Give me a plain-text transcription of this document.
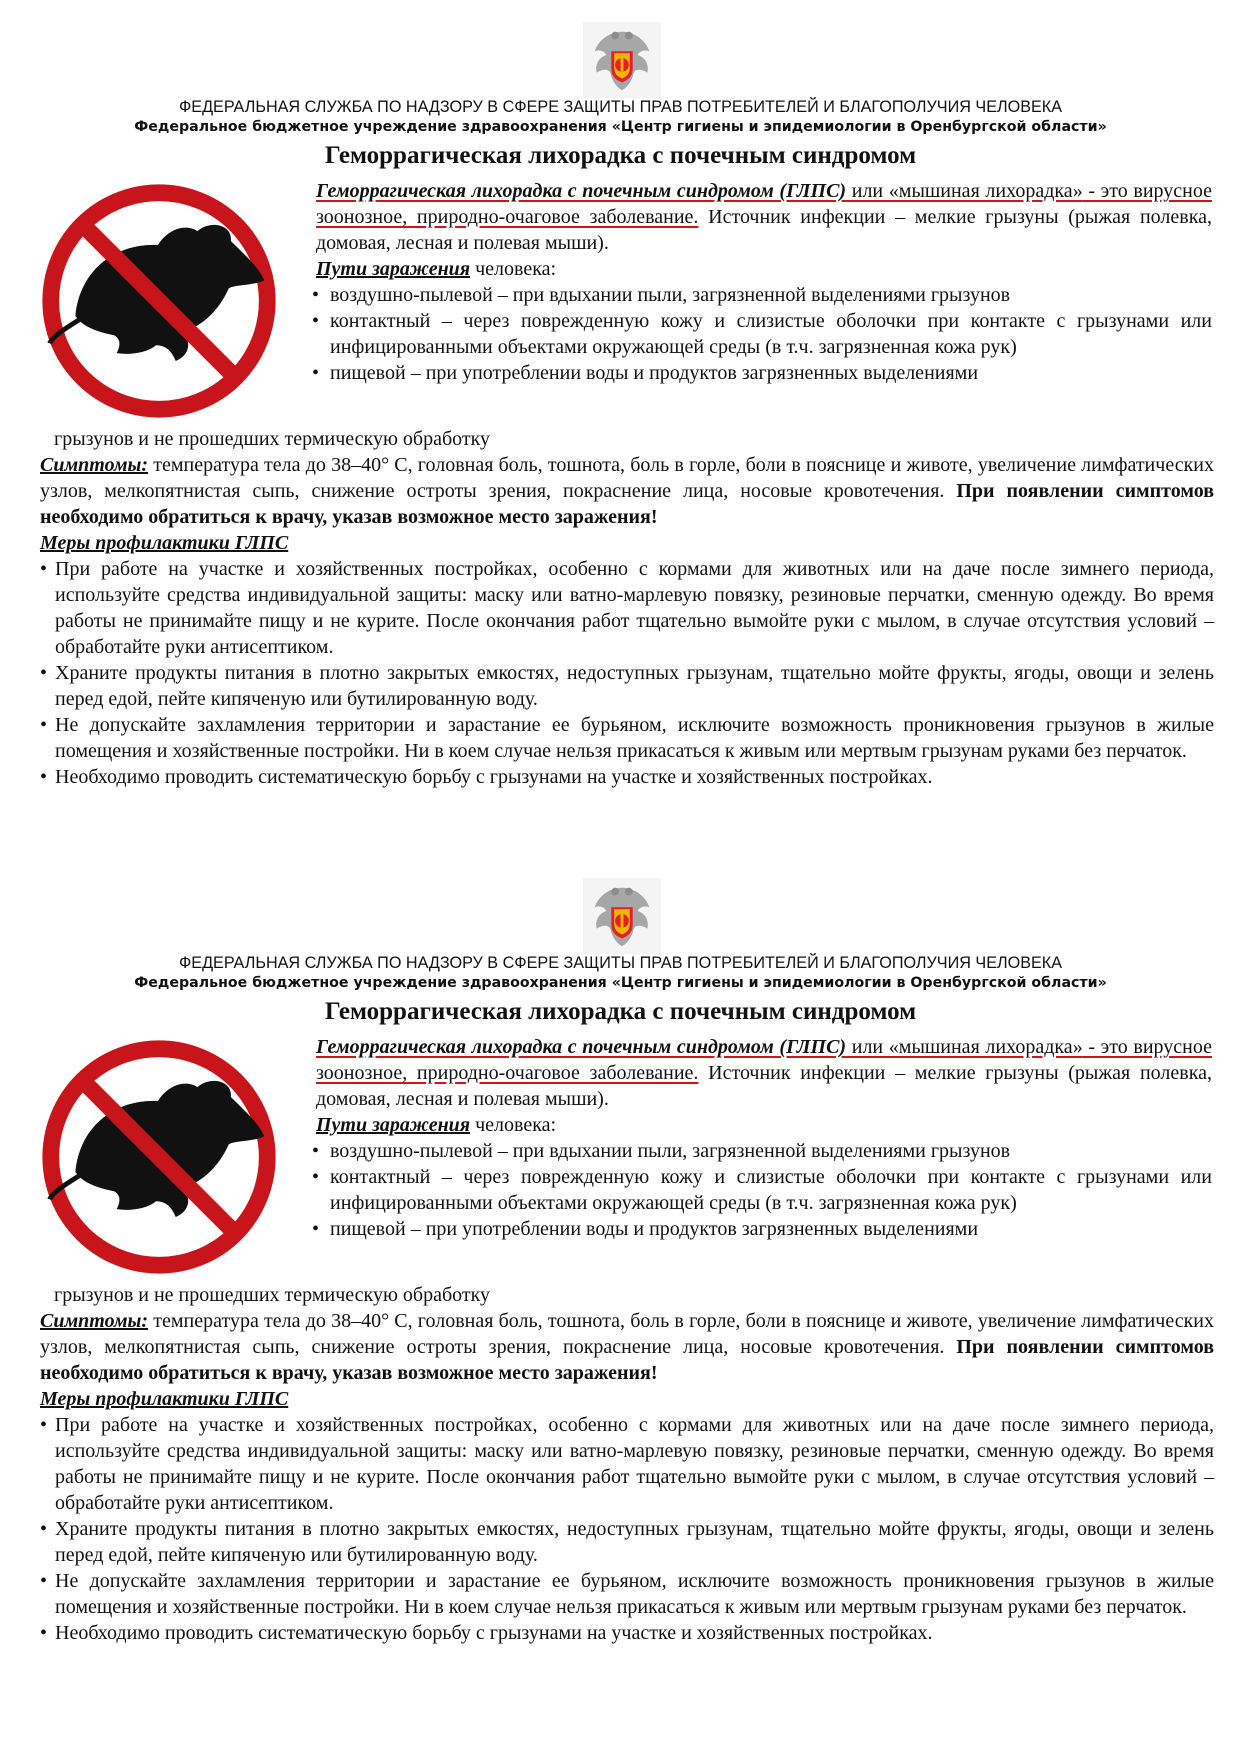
ФЕДЕРАЛЬНАЯ СЛУЖБА ПО НАДЗОРУ В СФЕРЕ ЗАЩИТЫ ПРАВ ПОТРЕБИТЕЛЕЙ И БЛАГОПОЛУЧИЯ ЧЕЛОВЕКА
Федеральное бюджетное учреждение здравоохранения «Центр гигиены и эпидемиологии в Оренбургской области»
Геморрагическая лихорадка с почечным синдромом

Геморрагическая лихорадка с почечным синдромом (ГЛПС) или «мышиная лихорадка» - это вирусное зоонозное, природно-очаговое заболевание. Источник инфекции – мелкие грызуны (рыжая полевка, домовая, лесная и полевая мыши).

Пути заражения человека:

• воздушно-пылевой – при вдыхании пыли, загрязненной выделениями грызунов
• контактный – через поврежденную кожу и слизистые оболочки при контакте с грызунами или инфицированными объектами окружающей среды (в т.ч. загрязненная кожа рук)
• пищевой – при употреблении воды и продуктов загрязненных выделениями
грызунов и не прошедших термическую обработку

Симптомы: температура тела до 38–40° С, головная боль, тошнота, боль в горле, боли в пояснице и животе, увеличение лимфатических узлов, мелкопятнистая сыпь, снижение остроты зрения, покраснение лица, носовые кровотечения. При появлении симптомов необходимо обратиться к врачу, указав возможное место заражения!

Меры профилактики ГЛПС

• При работе на участке и хозяйственных постройках, особенно с кормами для животных или на даче после зимнего периода, используйте средства индивидуальной защиты: маску или ватно-марлевую повязку, резиновые перчатки, сменную одежду. Во время работы не принимайте пищу и не курите. После окончания работ тщательно вымойте руки с мылом, в случае отсутствия условий – обработайте руки антисептиком.
• Храните продукты питания в плотно закрытых емкостях, недоступных грызунам, тщательно мойте фрукты, ягоды, овощи и зелень перед едой, пейте кипяченую или бутилированную воду.
• Не допускайте захламления территории и зарастание ее бурьяном, исключите возможность проникновения грызунов в жилые помещения и хозяйственные постройки. Ни в коем случае нельзя прикасаться к живым или мертвым грызунам руками без перчаток.
• Необходимо проводить систематическую борьбу с грызунами на участке и хозяйственных постройках.
ФЕДЕРАЛЬНАЯ СЛУЖБА ПО НАДЗОРУ В СФЕРЕ ЗАЩИТЫ ПРАВ ПОТРЕБИТЕЛЕЙ И БЛАГОПОЛУЧИЯ ЧЕЛОВЕКА
Федеральное бюджетное учреждение здравоохранения «Центр гигиены и эпидемиологии в Оренбургской области»
Геморрагическая лихорадка с почечным синдромом

Геморрагическая лихорадка с почечным синдромом (ГЛПС) или «мышиная лихорадка» - это вирусное зоонозное, природно-очаговое заболевание. Источник инфекции – мелкие грызуны (рыжая полевка, домовая, лесная и полевая мыши).

Пути заражения человека:

• воздушно-пылевой – при вдыхании пыли, загрязненной выделениями грызунов
• контактный – через поврежденную кожу и слизистые оболочки при контакте с грызунами или инфицированными объектами окружающей среды (в т.ч. загрязненная кожа рук)
• пищевой – при употреблении воды и продуктов загрязненных выделениями
грызунов и не прошедших термическую обработку

Симптомы: температура тела до 38–40° С, головная боль, тошнота, боль в горле, боли в пояснице и животе, увеличение лимфатических узлов, мелкопятнистая сыпь, снижение остроты зрения, покраснение лица, носовые кровотечения. При появлении симптомов необходимо обратиться к врачу, указав возможное место заражения!

Меры профилактики ГЛПС

• При работе на участке и хозяйственных постройках, особенно с кормами для животных или на даче после зимнего периода, используйте средства индивидуальной защиты: маску или ватно-марлевую повязку, резиновые перчатки, сменную одежду. Во время работы не принимайте пищу и не курите. После окончания работ тщательно вымойте руки с мылом, в случае отсутствия условий – обработайте руки антисептиком.
• Храните продукты питания в плотно закрытых емкостях, недоступных грызунам, тщательно мойте фрукты, ягоды, овощи и зелень перед едой, пейте кипяченую или бутилированную воду.
• Не допускайте захламления территории и зарастание ее бурьяном, исключите возможность проникновения грызунов в жилые помещения и хозяйственные постройки. Ни в коем случае нельзя прикасаться к живым или мертвым грызунам руками без перчаток.
• Необходимо проводить систематическую борьбу с грызунами на участке и хозяйственных постройках.
